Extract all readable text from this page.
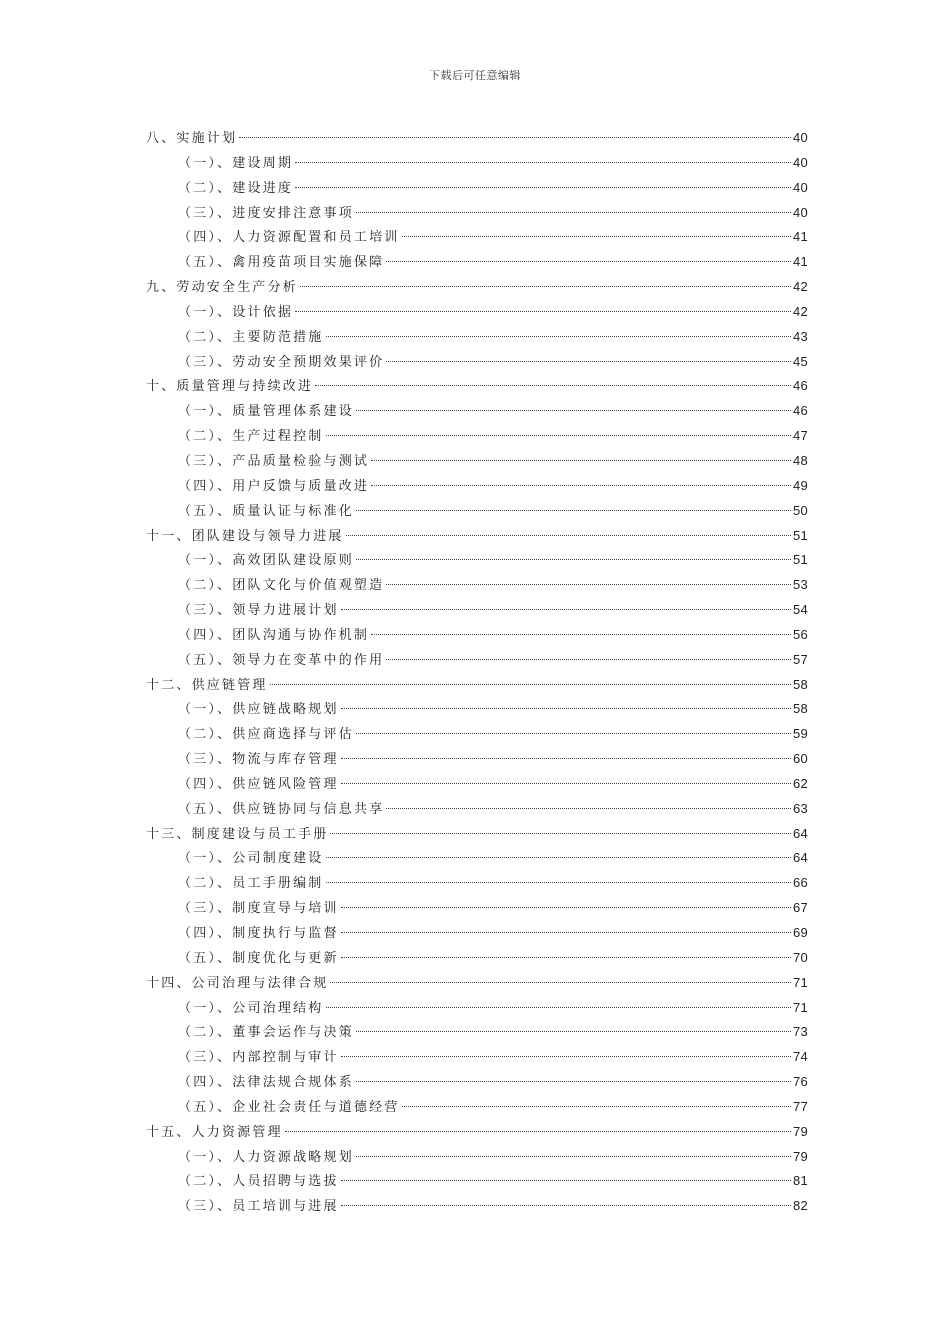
下载后可任意编辑
八、实施计划	40
（一）、建设周期	40
（二）、建设进度	40
（三）、进度安排注意事项	40
（四）、人力资源配置和员工培训	41
（五）、禽用疫苗项目实施保障	41
九、劳动安全生产分析	42
（一）、设计依据	42
（二）、主要防范措施	43
（三）、劳动安全预期效果评价	45
十、质量管理与持续改进	46
（一）、质量管理体系建设	46
（二）、生产过程控制	47
（三）、产品质量检验与测试	48
（四）、用户反馈与质量改进	49
（五）、质量认证与标准化	50
十一、团队建设与领导力进展	51
（一）、高效团队建设原则	51
（二）、团队文化与价值观塑造	53
（三）、领导力进展计划	54
（四）、团队沟通与协作机制	56
（五）、领导力在变革中的作用	57
十二、供应链管理	58
（一）、供应链战略规划	58
（二）、供应商选择与评估	59
（三）、物流与库存管理	60
（四）、供应链风险管理	62
（五）、供应链协同与信息共享	63
十三、制度建设与员工手册	64
（一）、公司制度建设	64
（二）、员工手册编制	66
（三）、制度宣导与培训	67
（四）、制度执行与监督	69
（五）、制度优化与更新	70
十四、公司治理与法律合规	71
（一）、公司治理结构	71
（二）、董事会运作与决策	73
（三）、内部控制与审计	74
（四）、法律法规合规体系	76
（五）、企业社会责任与道德经营	77
十五、人力资源管理	79
（一）、人力资源战略规划	79
（二）、人员招聘与选拔	81
（三）、员工培训与进展	82
